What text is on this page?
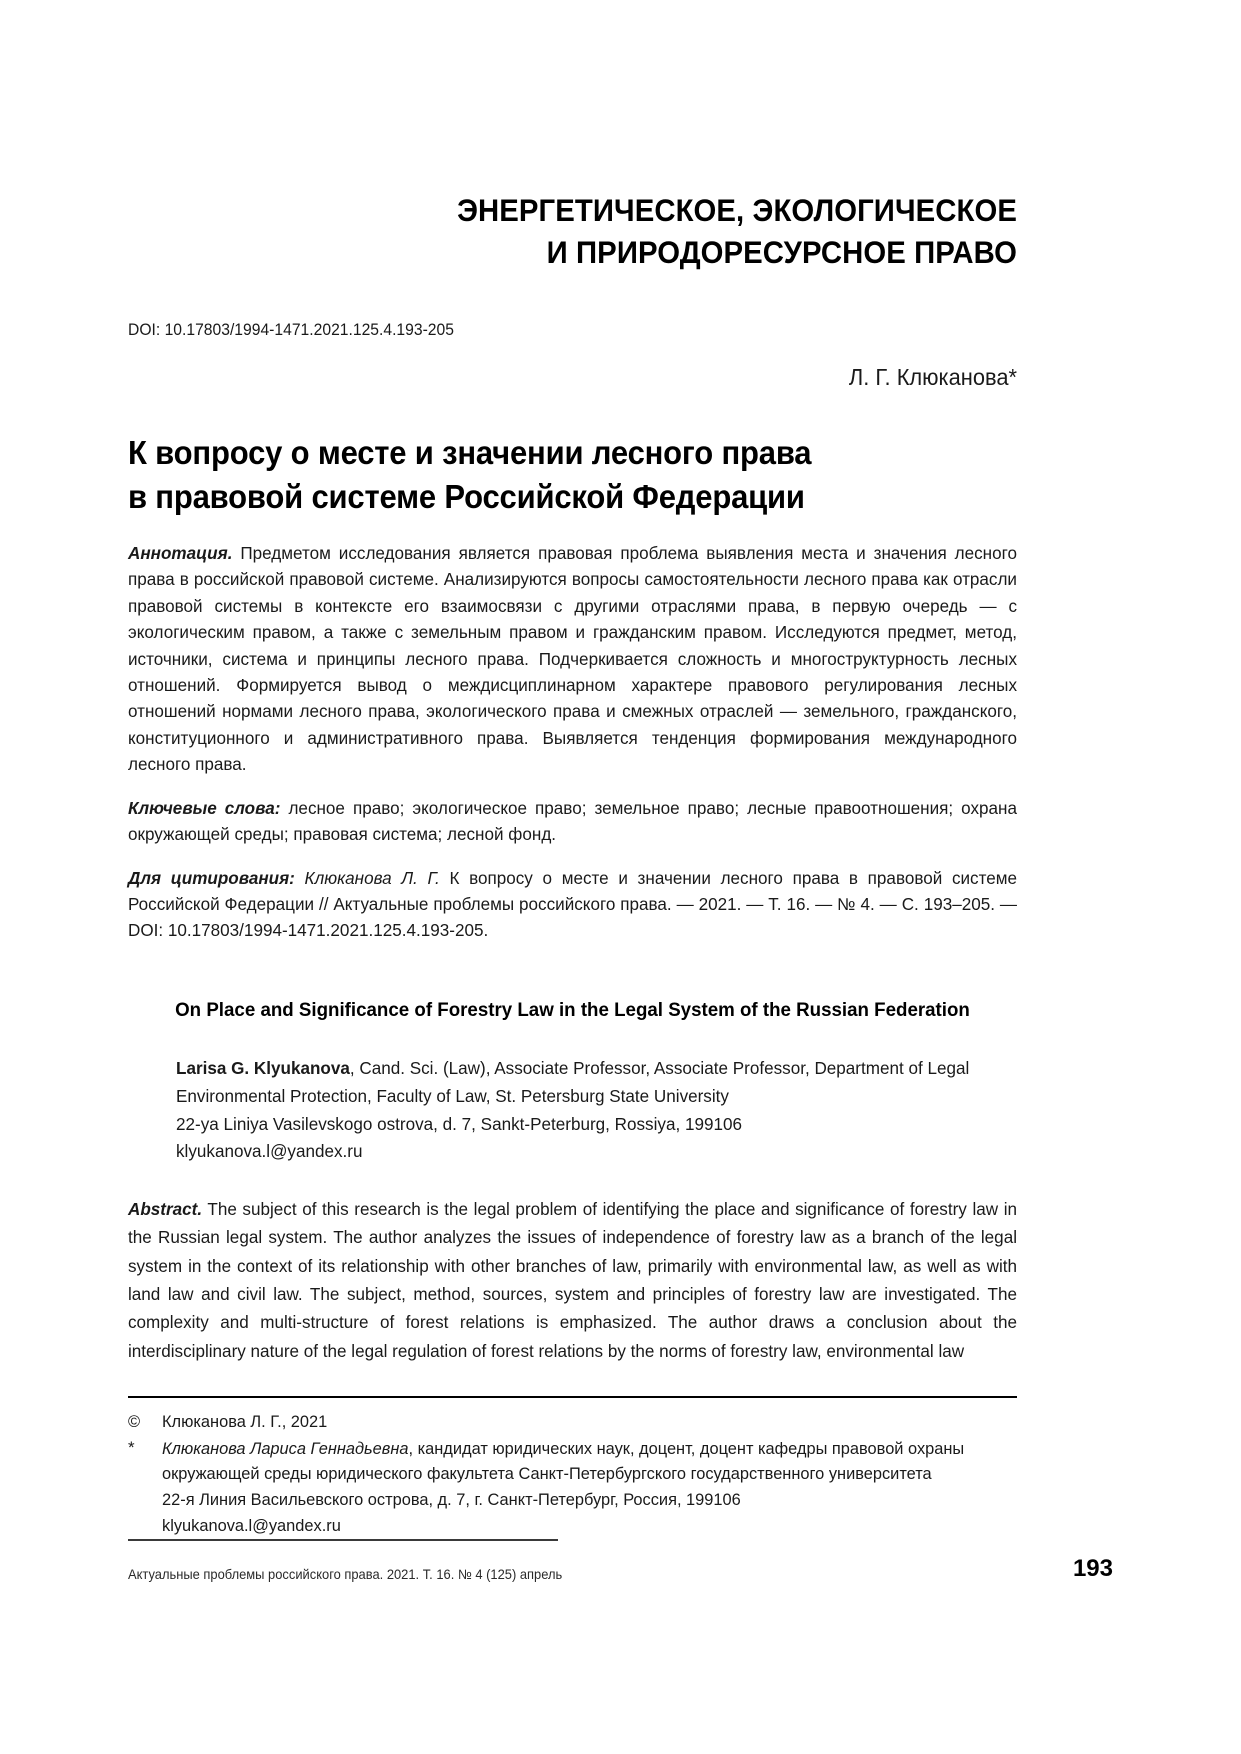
ЭНЕРГЕТИЧЕСКОЕ, ЭКОЛОГИЧЕСКОЕ
И ПРИРОДОРЕСУРСНОЕ ПРАВО
DOI: 10.17803/1994-1471.2021.125.4.193-205
Л. Г. Клюканова*
К вопросу о месте и значении лесного права
в правовой системе Российской Федерации

Аннотация. Предметом исследования является правовая проблема выявления места и значения лесного права в российской правовой системе. Анализируются вопросы самостоятельности лесного права как отрасли правовой системы в контексте его взаимосвязи с другими отраслями права, в первую очередь — с экологическим правом, а также с земельным правом и гражданским правом. Исследуются предмет, метод, источники, система и принципы лесного права. Подчеркивается сложность и многоструктурность лесных отношений. Формируется вывод о междисциплинарном характере правового регулирования лесных отношений нормами лесного права, экологического права и смежных отраслей — земельного, гражданского, конституционного и административного права. Выявляется тенденция формирования международного лесного права.

Ключевые слова: лесное право; экологическое право; земельное право; лесные правоотношения; охрана окружающей среды; правовая система; лесной фонд.

Для цитирования: Клюканова Л. Г. К вопросу о месте и значении лесного права в правовой системе Российской Федерации // Актуальные проблемы российского права. — 2021. — Т. 16. — № 4. — С. 193–205. — DOI: 10.17803/1994-1471.2021.125.4.193-205.

On Place and Significance of Forestry Law in the Legal System of the Russian Federation
Larisa G. Klyukanova, Cand. Sci. (Law), Associate Professor, Associate Professor, Department of Legal
Environmental Protection, Faculty of Law, St. Petersburg State University
22-ya Liniya Vasilevskogo ostrova, d. 7, Sankt-Peterburg, Rossiya, 199106
klyukanova.l@yandex.ru

Abstract. The subject of this research is the legal problem of identifying the place and significance of forestry law in the Russian legal system. The author analyzes the issues of independence of forestry law as a branch of the legal system in the context of its relationship with other branches of law, primarily with environmental law, as well as with land law and civil law. The subject, method, sources, system and principles of forestry law are investigated. The complexity and multi-structure of forest relations is emphasized. The author draws a conclusion about the interdisciplinary nature of the legal regulation of forest relations by the norms of forestry law, environmental law

©	Клюканова Л. Г., 2021
*	Клюканова Лариса Геннадьевна, кандидат юридических наук, доцент, доцент кафедры правовой охраны
окружающей среды юридического факультета Санкт-Петербургского государственного университета
22-я Линия Васильевского острова, д. 7, г. Санкт-Петербург, Россия, 199106
klyukanova.l@yandex.ru
Актуальные проблемы российского права. 2021. Т. 16. № 4 (125) апрель	193
